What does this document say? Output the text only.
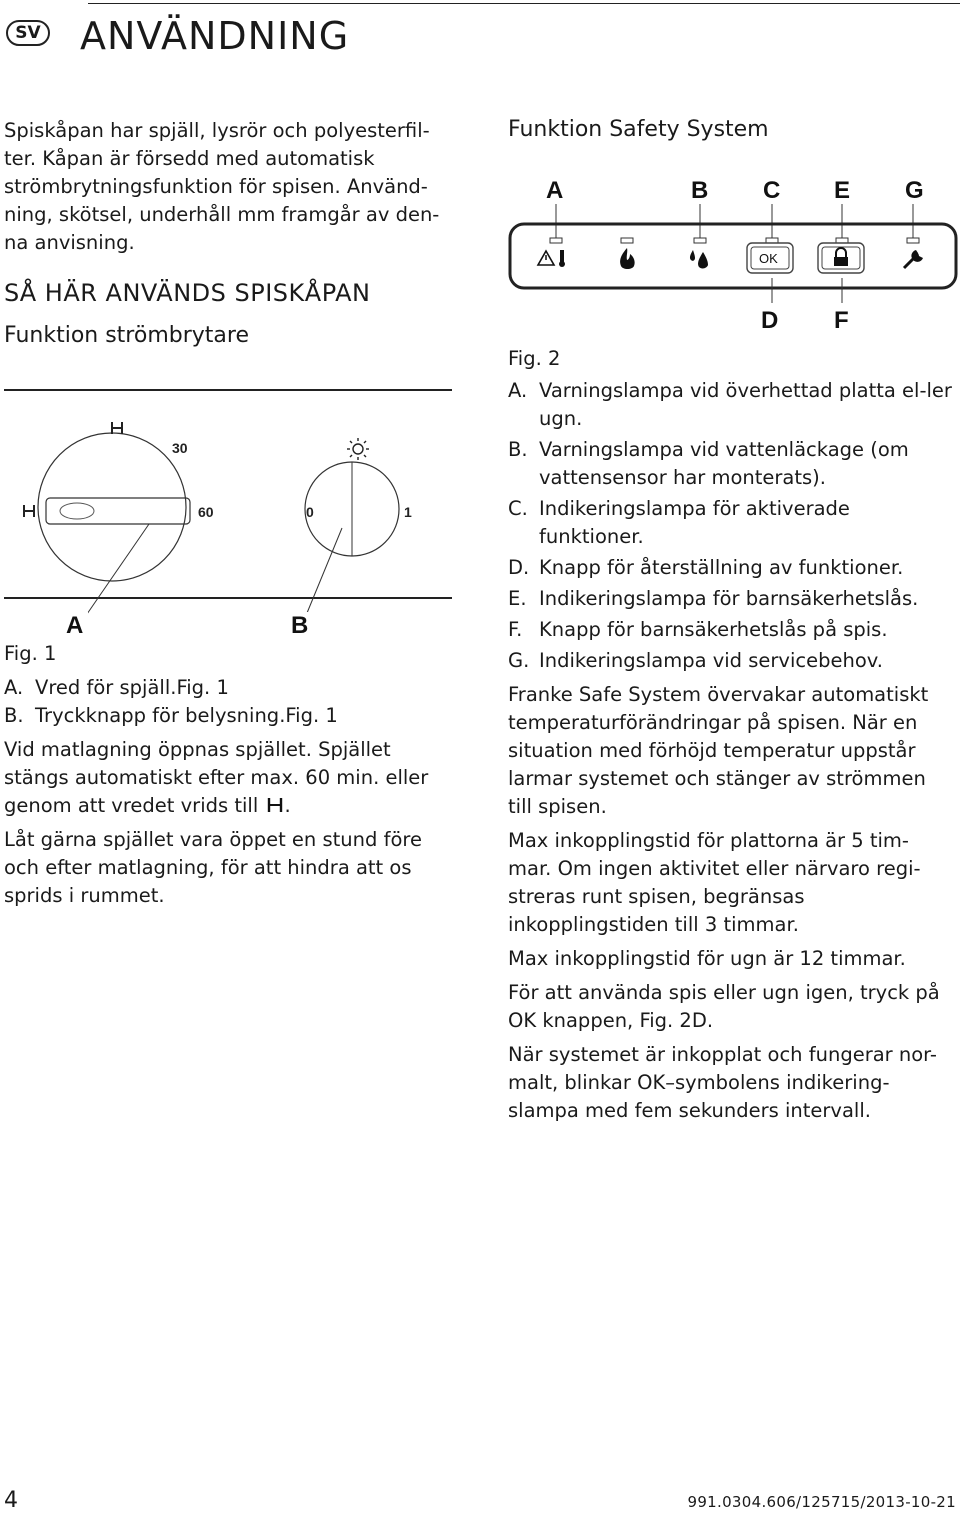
SV ANVÄNDNING

Spiskåpan har spjäll, lysrör och polyesterfil-

ter. Kåpan är försedd med automatisk

strömbrytningsfunktion för spisen. Använd-

ning, skötsel, underhåll mm framgår av den-

na anvisning.

SÅ HÄR ANVÄNDS SPISKÅPAN
Funktion strömbrytare
30
60	0	1
A	B

Fig. 1

A. Vred för spjäll.Fig. 1

B. Tryckknapp för belysning.Fig. 1

Vid matlagning öppnas spjället. Spjället

stängs automatiskt efter max. 60 min. eller

genom att vredet vrids till .

Låt gärna spjället vara öppet en stund före

och efter matlagning, för att hindra att os

sprids i rummet.

Funktion Safety System
A	B C E G
OK
D F

Fig. 2

A. Varningslampa vid överhettad platta el-ler ugn.

B. Varningslampa vid vattenläckage (om vattensensor har monterats).

C. Indikeringslampa för aktiverade funktioner.

D. Knapp för återställning av funktioner.

E. Indikeringslampa för barnsäkerhetslås.

F. Knapp för barnsäkerhetslås på spis.

G. Indikeringslampa vid servicebehov.

Franke Safe System övervakar automatiskt

temperaturförändringar på spisen. När en

situation med förhöjd temperatur uppstår

larmar systemet och stänger av strömmen

till spisen.

Max inkopplingstid för plattorna är 5 tim-

mar. Om ingen aktivitet eller närvaro regi-

streras runt spisen, begränsas

inkopplingstiden till 3 timmar.

Max inkopplingstid för ugn är 12 timmar.

För att använda spis eller ugn igen, tryck på

OK knappen, Fig. 2D.

När systemet är inkopplat och fungerar nor-

malt, blinkar OK–symbolens indikering-

slampa med fem sekunders intervall.

4	991.0304.606/125715/2013-10-21
